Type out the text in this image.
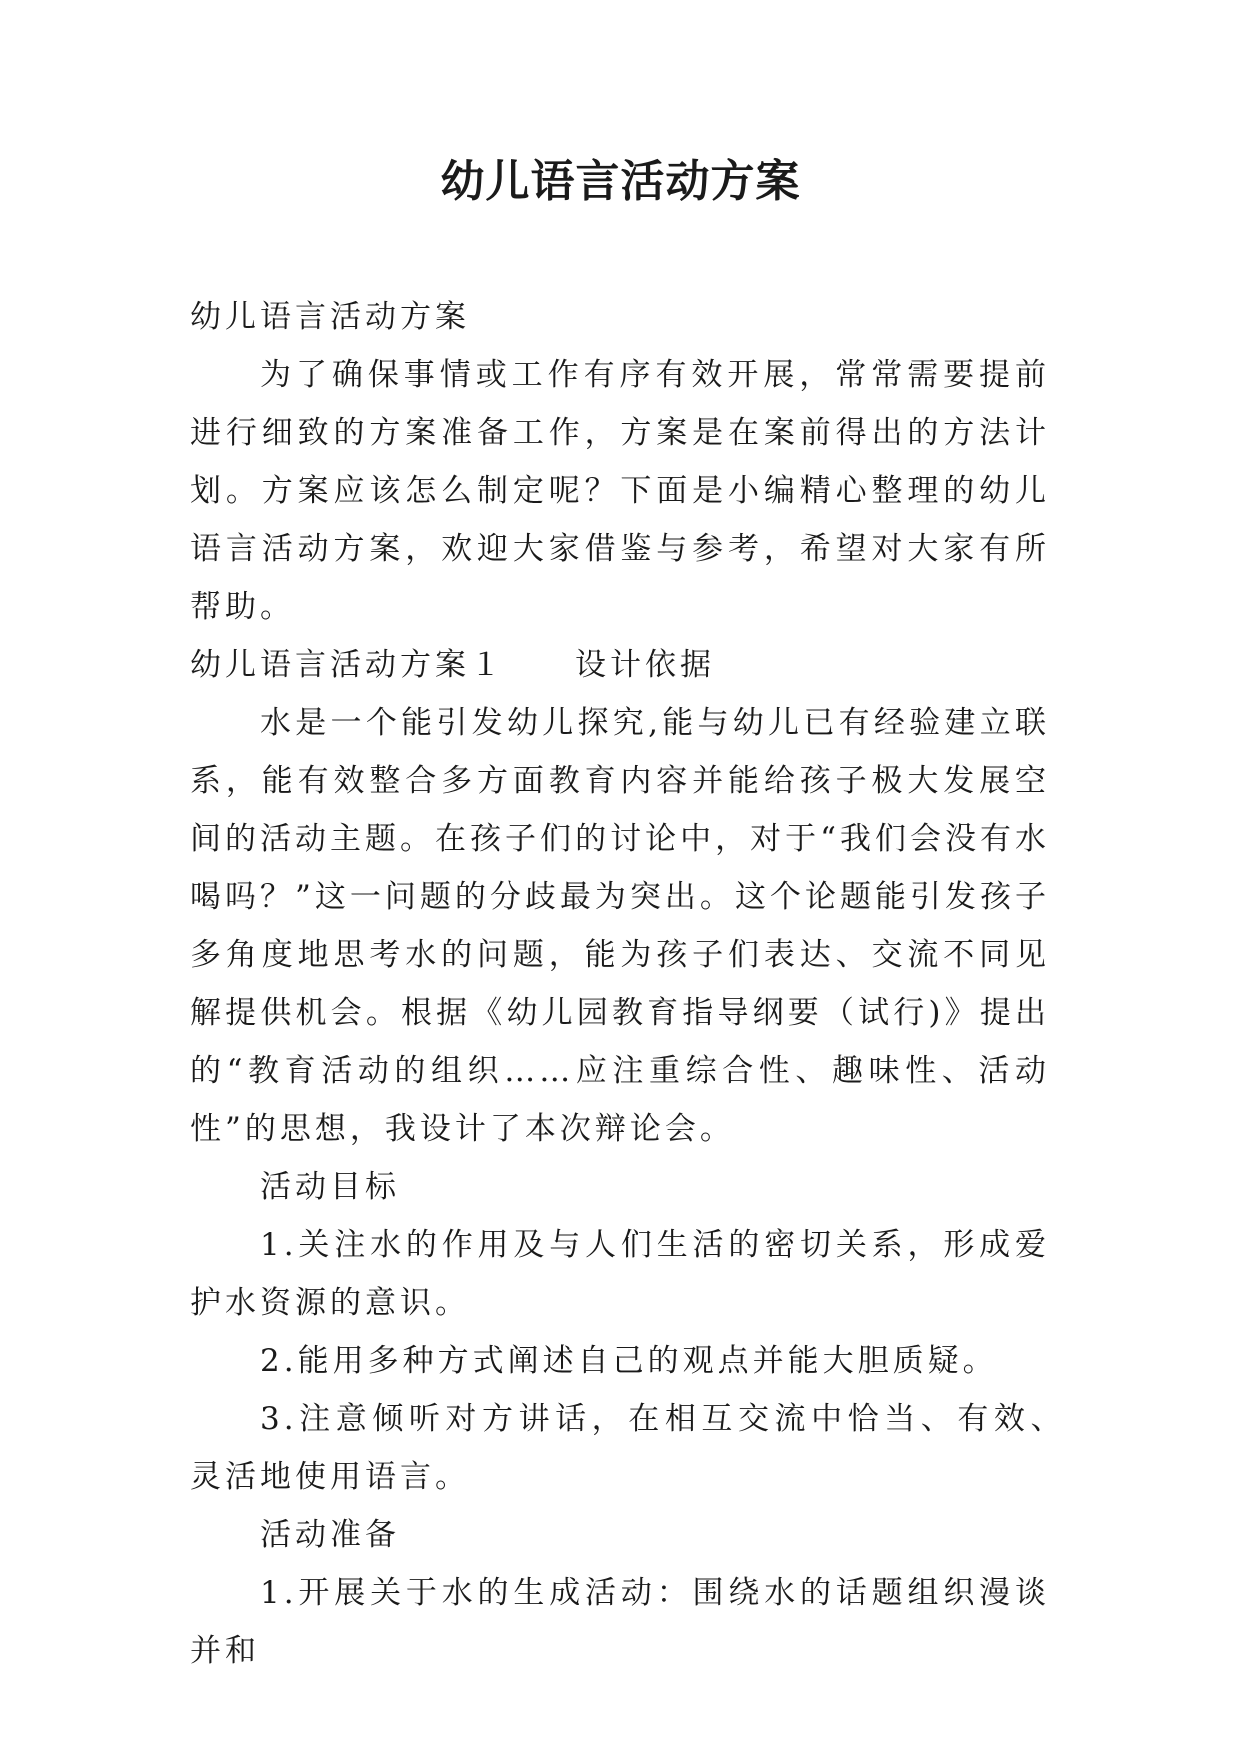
幼儿语言活动方案

幼儿语言活动方案

为了确保事情或工作有序有效开展，常常需要提前进行细致的方案准备工作，方案是在案前得出的方法计划。方案应该怎么制定呢？下面是小编精心整理的幼儿语言活动方案，欢迎大家借鉴与参考，希望对大家有所帮助。

幼儿语言活动方案１ 设计依据

水是一个能引发幼儿探究,能与幼儿已有经验建立联系，能有效整合多方面教育内容并能给孩子极大发展空间的活动主题。在孩子们的讨论中，对于“我们会没有水喝吗？”这一问题的分歧最为突出。这个论题能引发孩子多角度地思考水的问题，能为孩子们表达、交流不同见解提供机会。根据《幼儿园教育指导纲要（试行)》提出的“教育活动的组织……应注重综合性、趣味性、活动性”的思想，我设计了本次辩论会。

活动目标

1.关注水的作用及与人们生活的密切关系，形成爱护水资源的意识。

2.能用多种方式阐述自己的观点并能大胆质疑。

3.注意倾听对方讲话，在相互交流中恰当、有效、　灵活地使用语言。

活动准备

1.开展关于水的生成活动：围绕水的话题组织漫谈并和
